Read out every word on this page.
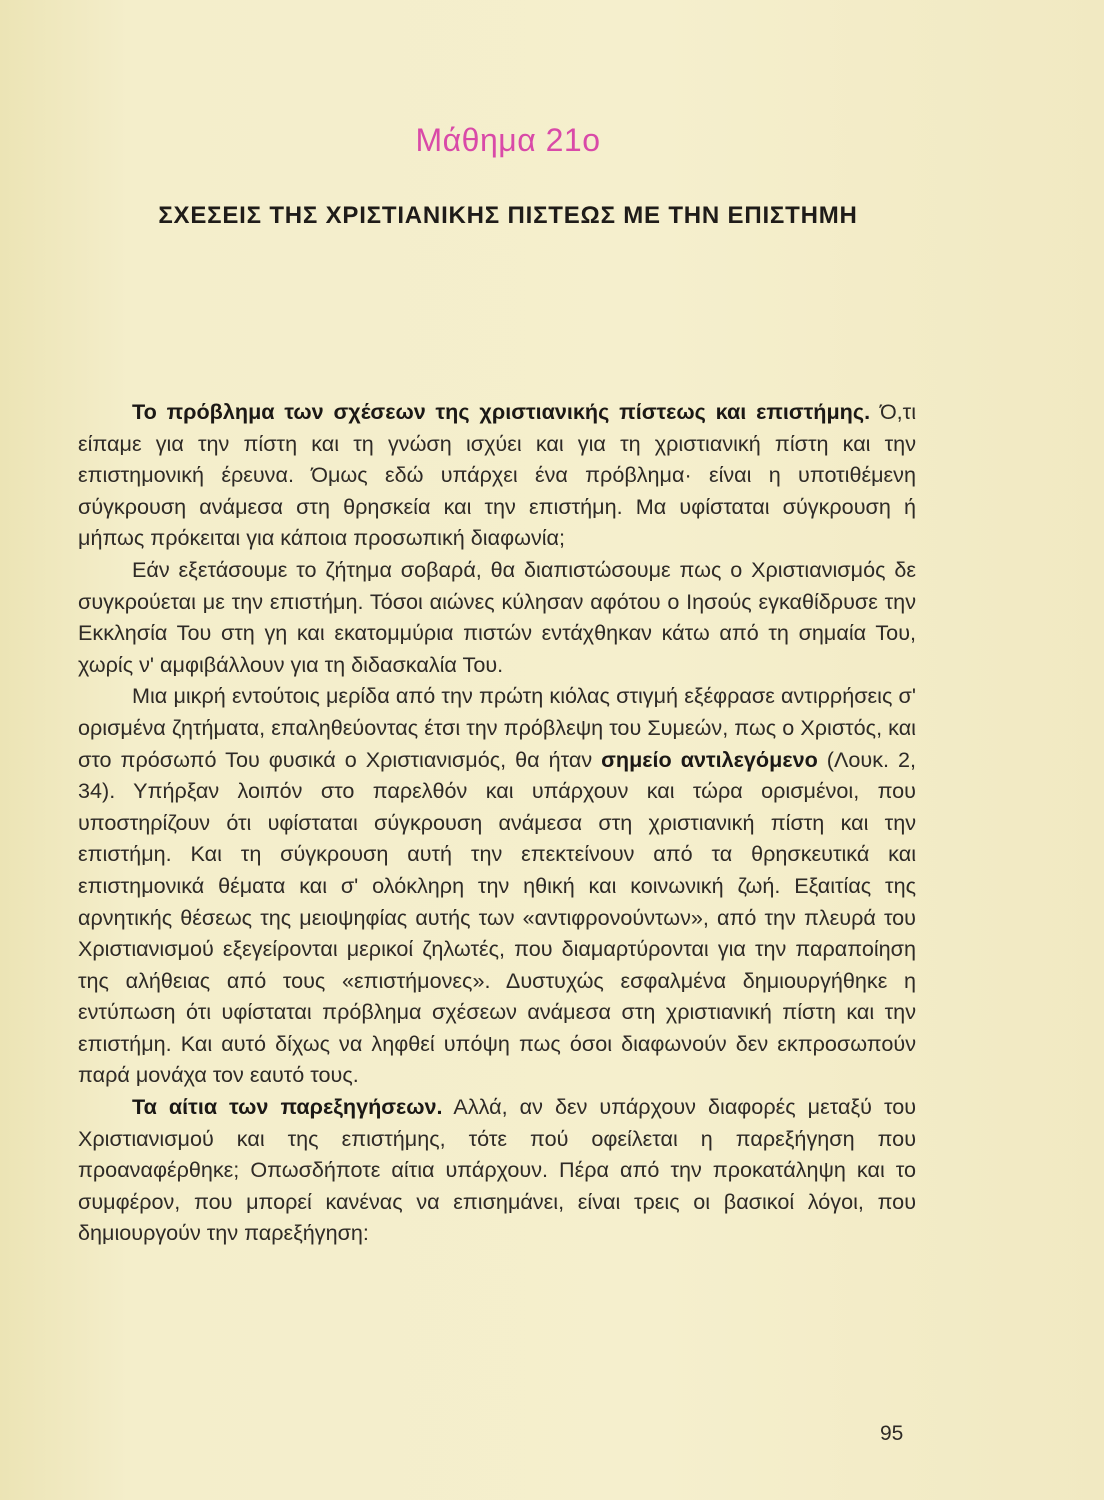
Μάθημα 21ο
ΣΧΕΣΕΙΣ ΤΗΣ ΧΡΙΣΤΙΑΝΙΚΗΣ ΠΙΣΤΕΩΣ ΜΕ ΤΗΝ ΕΠΙΣΤΗΜΗ

Το πρόβλημα των σχέσεων της χριστιανικής πίστεως και επιστήμης. Ό,τι είπαμε για την πίστη και τη γνώση ισχύει και για τη χριστιανική πίστη και την επιστημονική έρευνα. Όμως εδώ υπάρχει ένα πρόβλημα· είναι η υποτιθέμενη σύγκρουση ανάμεσα στη θρησκεία και την επιστήμη. Μα υφίσταται σύγκρουση ή μήπως πρόκειται για κάποια προσωπική διαφωνία;

Εάν εξετάσουμε το ζήτημα σοβαρά, θα διαπιστώσουμε πως ο Χριστιανισμός δε συγκρούεται με την επιστήμη. Τόσοι αιώνες κύλησαν αφότου ο Ιησούς εγκαθίδρυσε την Εκκλησία Του στη γη και εκατομμύρια πιστών εντάχθηκαν κάτω από τη σημαία Του, χωρίς ν' αμφιβάλλουν για τη διδασκαλία Του.

Μια μικρή εντούτοις μερίδα από την πρώτη κιόλας στιγμή εξέφρασε αντιρρήσεις σ' ορισμένα ζητήματα, επαληθεύοντας έτσι την πρόβλεψη του Συμεών, πως ο Χριστός, και στο πρόσωπό Του φυσικά ο Χριστιανισμός, θα ήταν σημείο αντιλεγόμενο (Λουκ. 2, 34). Υπήρξαν λοιπόν στο παρελθόν και υπάρχουν και τώρα ορισμένοι, που υποστηρίζουν ότι υφίσταται σύγκρουση ανάμεσα στη χριστιανική πίστη και την επιστήμη. Και τη σύγκρουση αυτή την επεκτείνουν από τα θρησκευτικά και επιστημονικά θέματα και σ' ολόκληρη την ηθική και κοινωνική ζωή. Εξαιτίας της αρνητικής θέσεως της μειοψηφίας αυτής των «αντιφρονούντων», από την πλευρά του Χριστιανισμού εξεγείρονται μερικοί ζηλωτές, που διαμαρτύρονται για την παραποίηση της αλήθειας από τους «επιστήμονες». Δυστυχώς εσφαλμένα δημιουργήθηκε η εντύπωση ότι υφίσταται πρόβλημα σχέσεων ανάμεσα στη χριστιανική πίστη και την επιστήμη. Και αυτό δίχως να ληφθεί υπόψη πως όσοι διαφωνούν δεν εκπροσωπούν παρά μονάχα τον εαυτό τους.

Τα αίτια των παρεξηγήσεων. Αλλά, αν δεν υπάρχουν διαφορές μεταξύ του Χριστιανισμού και της επιστήμης, τότε πού οφείλεται η παρεξήγηση που προαναφέρθηκε; Οπωσδήποτε αίτια υπάρχουν. Πέρα από την προκατάληψη και το συμφέρον, που μπορεί κανένας να επισημάνει, είναι τρεις οι βασικοί λόγοι, που δημιουργούν την παρεξήγηση:

95
